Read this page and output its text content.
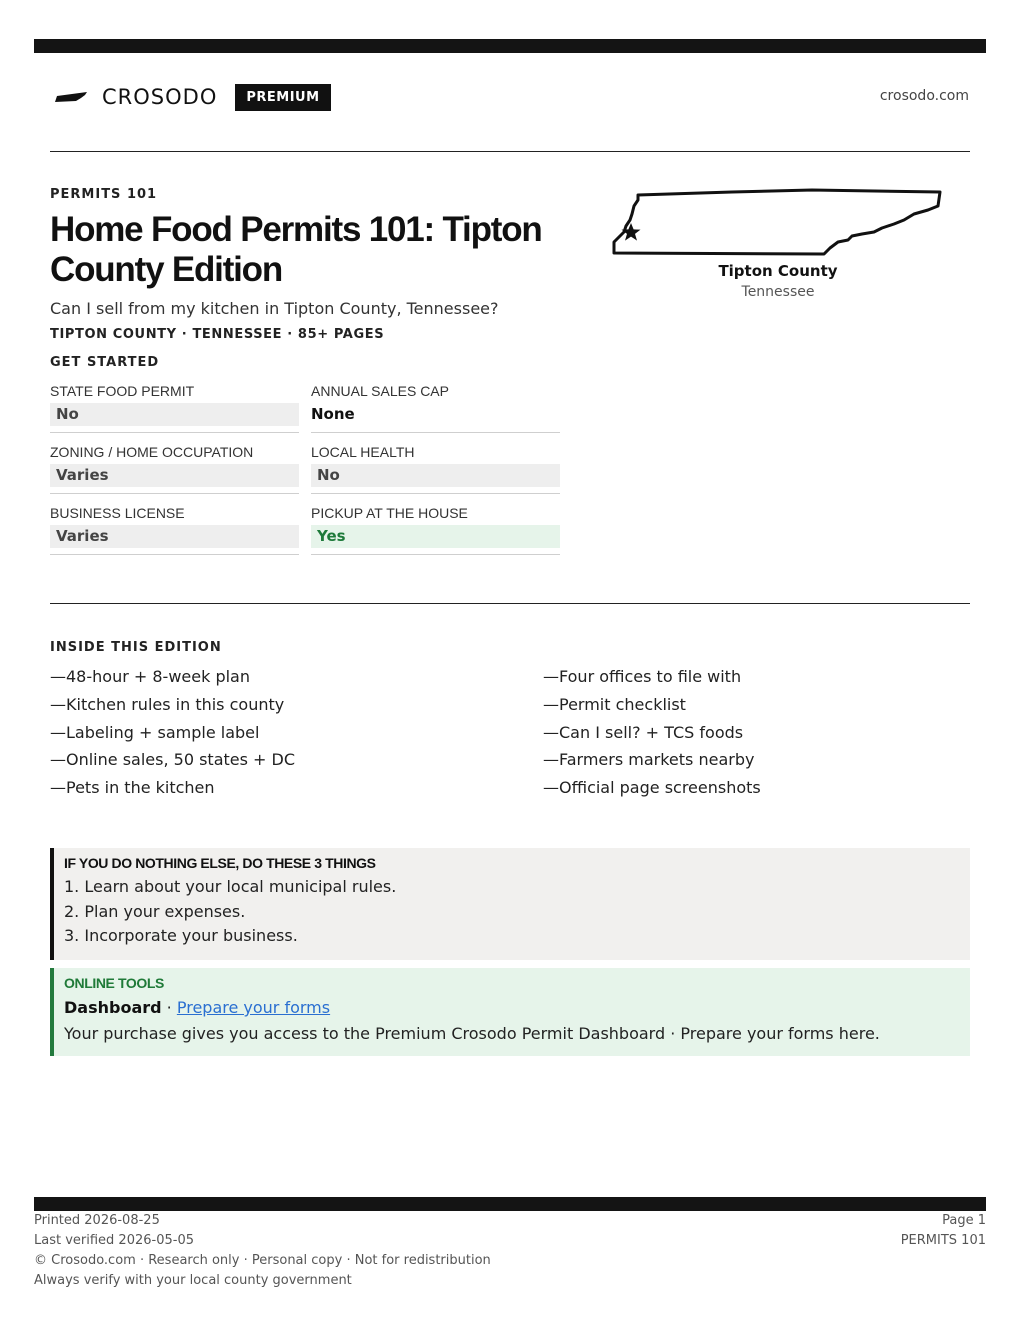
CROSODO	PREMIUM	crosodo.com
PERMITS 101
Home Food Permits 101: Tipton County Edition
Can I sell from my kitchen in Tipton County, Tennessee?
TIPTON COUNTY · TENNESSEE · 85+ PAGES
GET STARTED
STATE FOOD PERMIT
No
ANNUAL SALES CAP
None
ZONING / HOME OCCUPATION
Varies
LOCAL HEALTH
No
BUSINESS LICENSE
Varies
PICKUP AT THE HOUSE
Yes
Tipton County
Tennessee
INSIDE THIS EDITION
—48-hour + 8-week plan	—Four offices to file with
—Kitchen rules in this county	—Permit checklist
—Labeling + sample label	—Can I sell? + TCS foods
—Online sales, 50 states + DC	—Farmers markets nearby
—Pets in the kitchen	—Official page screenshots
IF YOU DO NOTHING ELSE, DO THESE 3 THINGS
1. Learn about your local municipal rules.
2. Plan your expenses.
3. Incorporate your business.
ONLINE TOOLS
Dashboard · Prepare your forms
Your purchase gives you access to the Premium Crosodo Permit Dashboard · Prepare your forms here.
Printed 2026-08-25
Last verified 2026-05-05
© Crosodo.com · Research only · Personal copy · Not for redistribution
Always verify with your local county government
Page 1
PERMITS 101
